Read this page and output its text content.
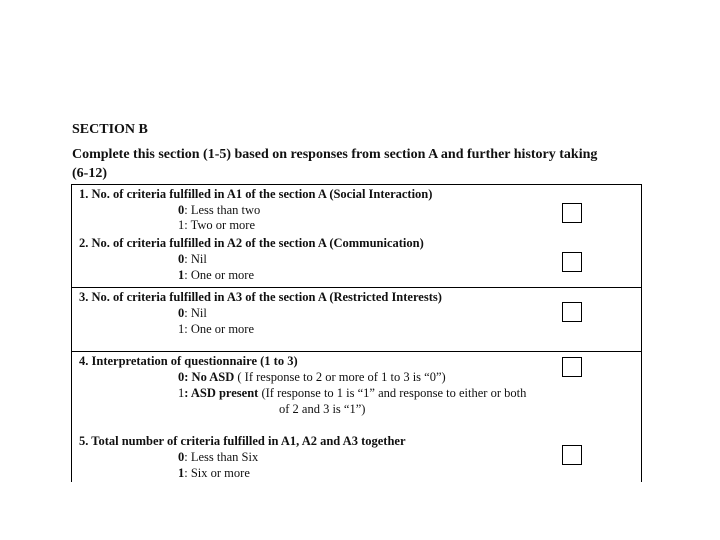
SECTION B
Complete this section (1-5) based on responses from section A and further history taking (6-12)
1. No. of criteria fulfilled in A1 of the section A (Social Interaction)
0: Less than two
1: Two or more
2. No. of criteria fulfilled in A2 of the section A (Communication)
0: Nil
1: One or more
3. No. of criteria fulfilled in A3 of the section A (Restricted Interests)
0: Nil
1: One or more
4. Interpretation of questionnaire (1 to 3)
0: No ASD ( If response to 2 or more of 1 to 3 is “0”)
1: ASD present (If response to 1 is “1” and response to either or both
of 2 and 3 is “1”)
5. Total number of criteria fulfilled in A1, A2 and A3 together
0: Less than Six
1: Six or more
